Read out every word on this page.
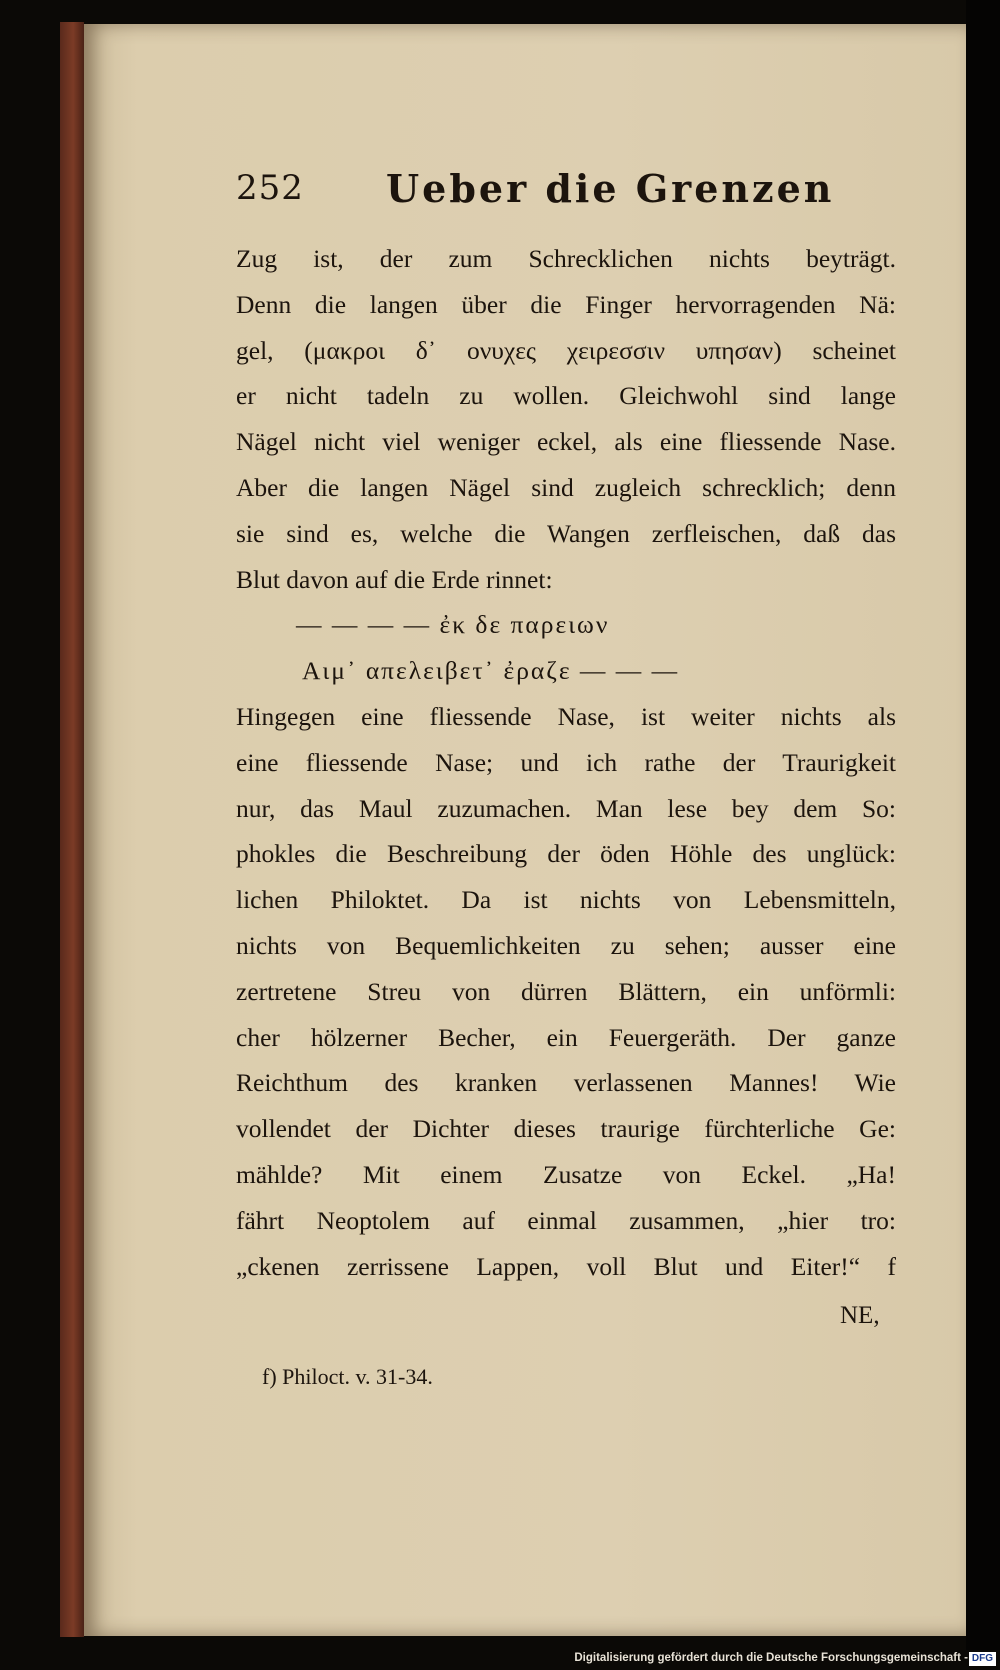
252 Ueber die Grenzen
Zug ist, der zum Schrecklichen nichts beyträgt.
Denn die langen über die Finger hervorragenden Nä:
gel, (μακροι δ᾽ ονυχες χειρεσσιν υπησαν) scheinet
er nicht tadeln zu wollen. Gleichwohl sind lange
Nägel nicht viel weniger eckel, als eine fliessende Nase.
Aber die langen Nägel sind zugleich schrecklich; denn
sie sind es, welche die Wangen zerfleischen, daß das
Blut davon auf die Erde rinnet:
— — — — ἐκ δε παρειων
Αιμ᾽ απελειβετ᾽ ἐραζε — — —
Hingegen eine fliessende Nase, ist weiter nichts als
eine fliessende Nase; und ich rathe der Traurigkeit
nur, das Maul zuzumachen. Man lese bey dem So:
phokles die Beschreibung der öden Höhle des unglück:
lichen Philoktet. Da ist nichts von Lebensmitteln,
nichts von Bequemlichkeiten zu sehen; ausser eine
zertretene Streu von dürren Blättern, ein unförmli:
cher hölzerner Becher, ein Feuergeräth. Der ganze
Reichthum des kranken verlassenen Mannes! Wie
vollendet der Dichter dieses traurige fürchterliche Ge:
mählde? Mit einem Zusatze von Eckel. „Ha!
fährt Neoptolem auf einmal zusammen, „hier tro:
„ckenen zerrissene Lappen, voll Blut und Eiter!“ f
NE,
f) Philoct. v. 31-34.
Digitalisierung gefördert durch die Deutsche Forschungsgemeinschaft - DFG
